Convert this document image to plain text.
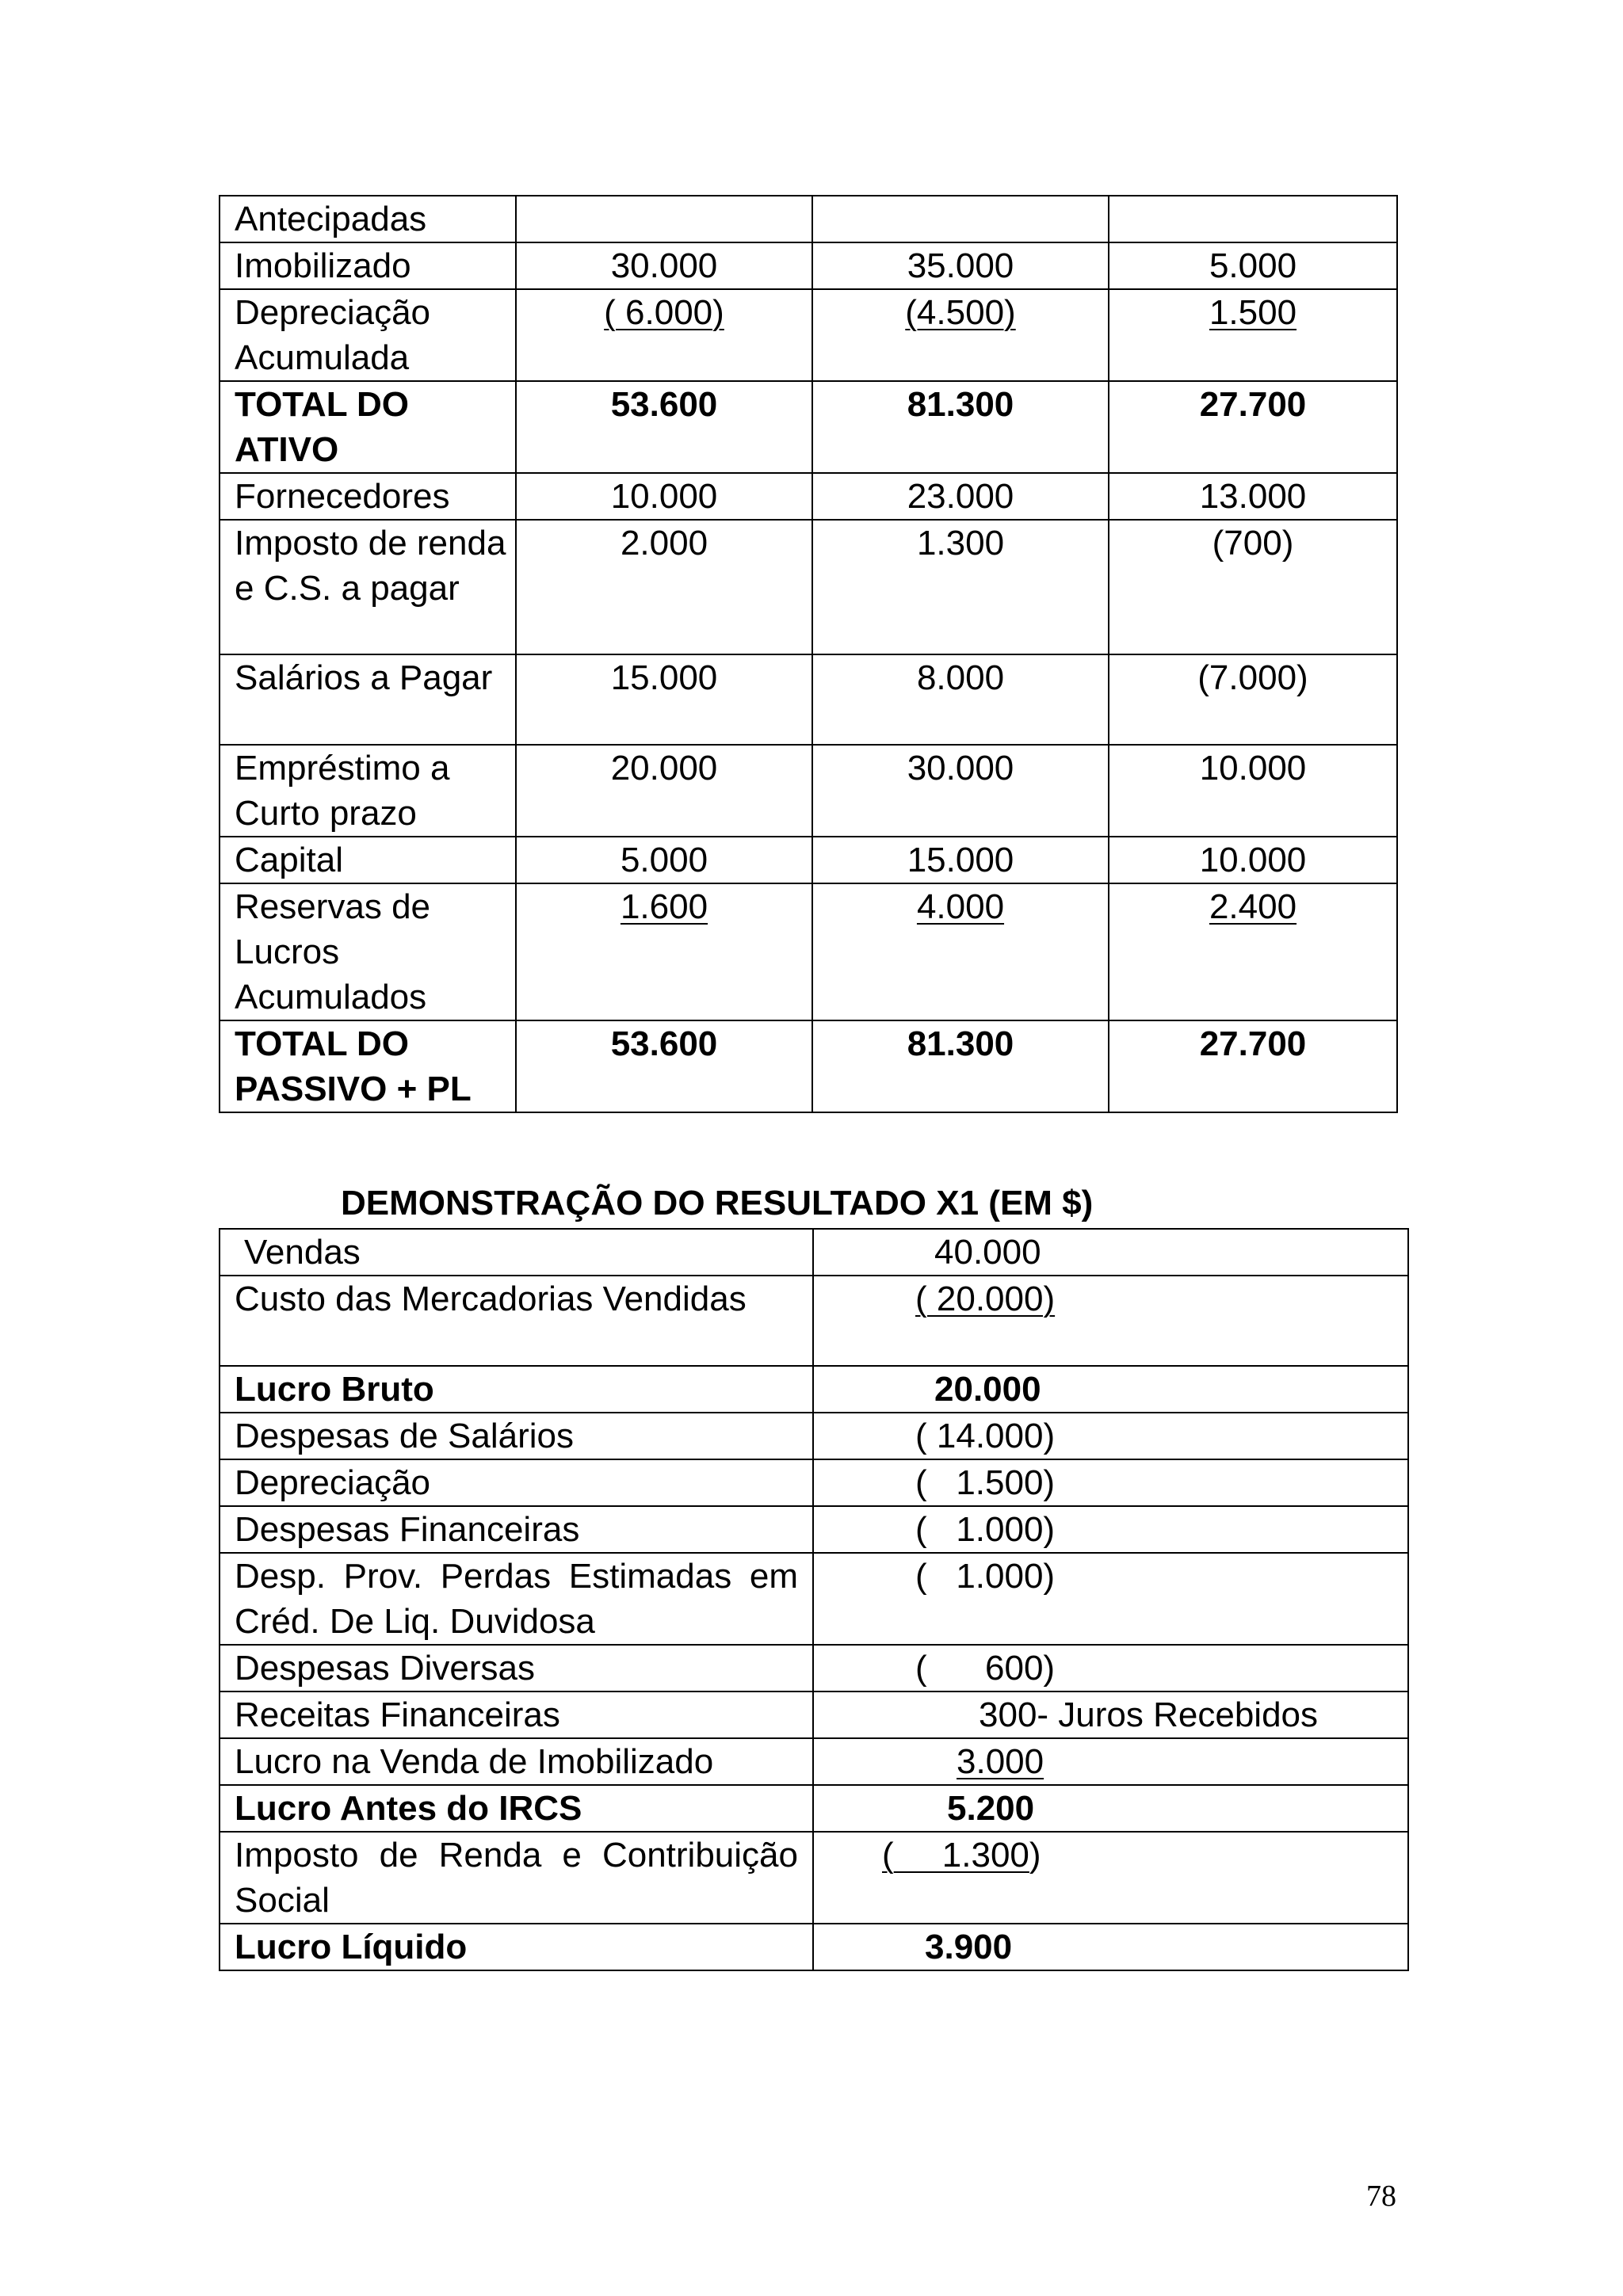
Antecipadas			
Imobilizado	30.000	35.000	5.000
Depreciação Acumulada	( 6.000)	(4.500)	1.500
TOTAL DO ATIVO	53.600	81.300	27.700
Fornecedores	10.000	23.000	13.000
Imposto de renda e C.S. a pagar	2.000	1.300	(700)
Salários a Pagar	15.000	8.000	(7.000)
Empréstimo a Curto prazo	20.000	30.000	10.000
Capital	5.000	15.000	10.000
Reservas de Lucros Acumulados	1.600	4.000	2.400
TOTAL DO PASSIVO + PL	53.600	81.300	27.700
DEMONSTRAÇÃO DO RESULTADO X1 (EM $)
Vendas	40.000
Custo das Mercadorias Vendidas	( 20.000)
Lucro Bruto	20.000
Despesas de Salários	( 14.000)
Depreciação	(   1.500)
Despesas Financeiras	(   1.000)
Desp. Prov. Perdas Estimadas em Créd. De Liq. Duvidosa	(   1.000)
Despesas Diversas	(      600)
Receitas Financeiras	300- Juros Recebidos
Lucro na Venda de Imobilizado	3.000
Lucro Antes do IRCS	5.200
Imposto de Renda e Contribuição Social	(     1.300)
Lucro Líquido	3.900
78
